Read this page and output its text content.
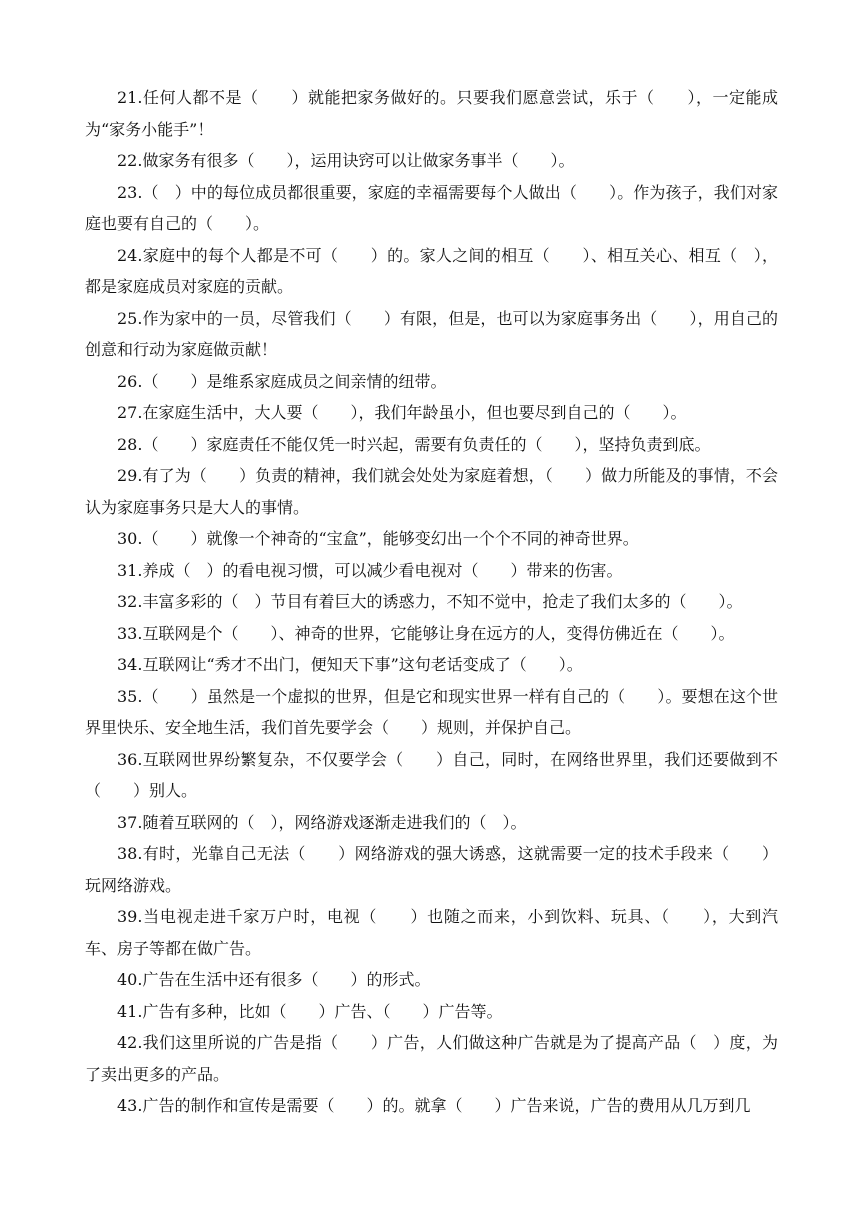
21.任何人都不是（　　）就能把家务做好的。只要我们愿意尝试，乐于（　　），一定能成为“家务小能手”！

22.做家务有很多（　　），运用诀窍可以让做家务事半（　　）。

23.（　）中的每位成员都很重要，家庭的幸福需要每个人做出（　　）。作为孩子，我们对家庭也要有自己的（　　）。

24.家庭中的每个人都是不可（　　）的。家人之间的相互（　　）、相互关心、相互（　），都是家庭成员对家庭的贡献。

25.作为家中的一员，尽管我们（　　）有限，但是，也可以为家庭事务出（　　），用自己的创意和行动为家庭做贡献！

26.（　　）是维系家庭成员之间亲情的纽带。

27.在家庭生活中，大人要（　　），我们年龄虽小，但也要尽到自己的（　　）。

28.（　　）家庭责任不能仅凭一时兴起，需要有负责任的（　　），坚持负责到底。

29.有了为（　　）负责的精神，我们就会处处为家庭着想，（　　）做力所能及的事情，不会认为家庭事务只是大人的事情。

30.（　　）就像一个神奇的“宝盒”，能够变幻出一个个不同的神奇世界。

31.养成（　）的看电视习惯，可以减少看电视对（　　）带来的伤害。

32.丰富多彩的（　）节目有着巨大的诱惑力，不知不觉中，抢走了我们太多的（　　）。

33.互联网是个（　　）、神奇的世界，它能够让身在远方的人，变得仿佛近在（　　）。

34.互联网让“秀才不出门，便知天下事”这句老话变成了（　　）。

35.（　　）虽然是一个虚拟的世界，但是它和现实世界一样有自己的（　　）。要想在这个世界里快乐、安全地生活，我们首先要学会（　　）规则，并保护自己。

36.互联网世界纷繁复杂，不仅要学会（　　）自己，同时，在网络世界里，我们还要做到不（　　）别人。

37.随着互联网的（　），网络游戏逐渐走进我们的（　）。

38.有时，光靠自己无法（　　）网络游戏的强大诱惑，这就需要一定的技术手段来（　　）玩网络游戏。

39.当电视走进千家万户时，电视（　　）也随之而来，小到饮料、玩具、（　　），大到汽车、房子等都在做广告。

40.广告在生活中还有很多（　　）的形式。

41.广告有多种，比如（　　）广告、（　　）广告等。

42.我们这里所说的广告是指（　　）广告，人们做这种广告就是为了提高产品（　）度，为了卖出更多的产品。

43.广告的制作和宣传是需要（　　）的。就拿（　　）广告来说，广告的费用从几万到几
